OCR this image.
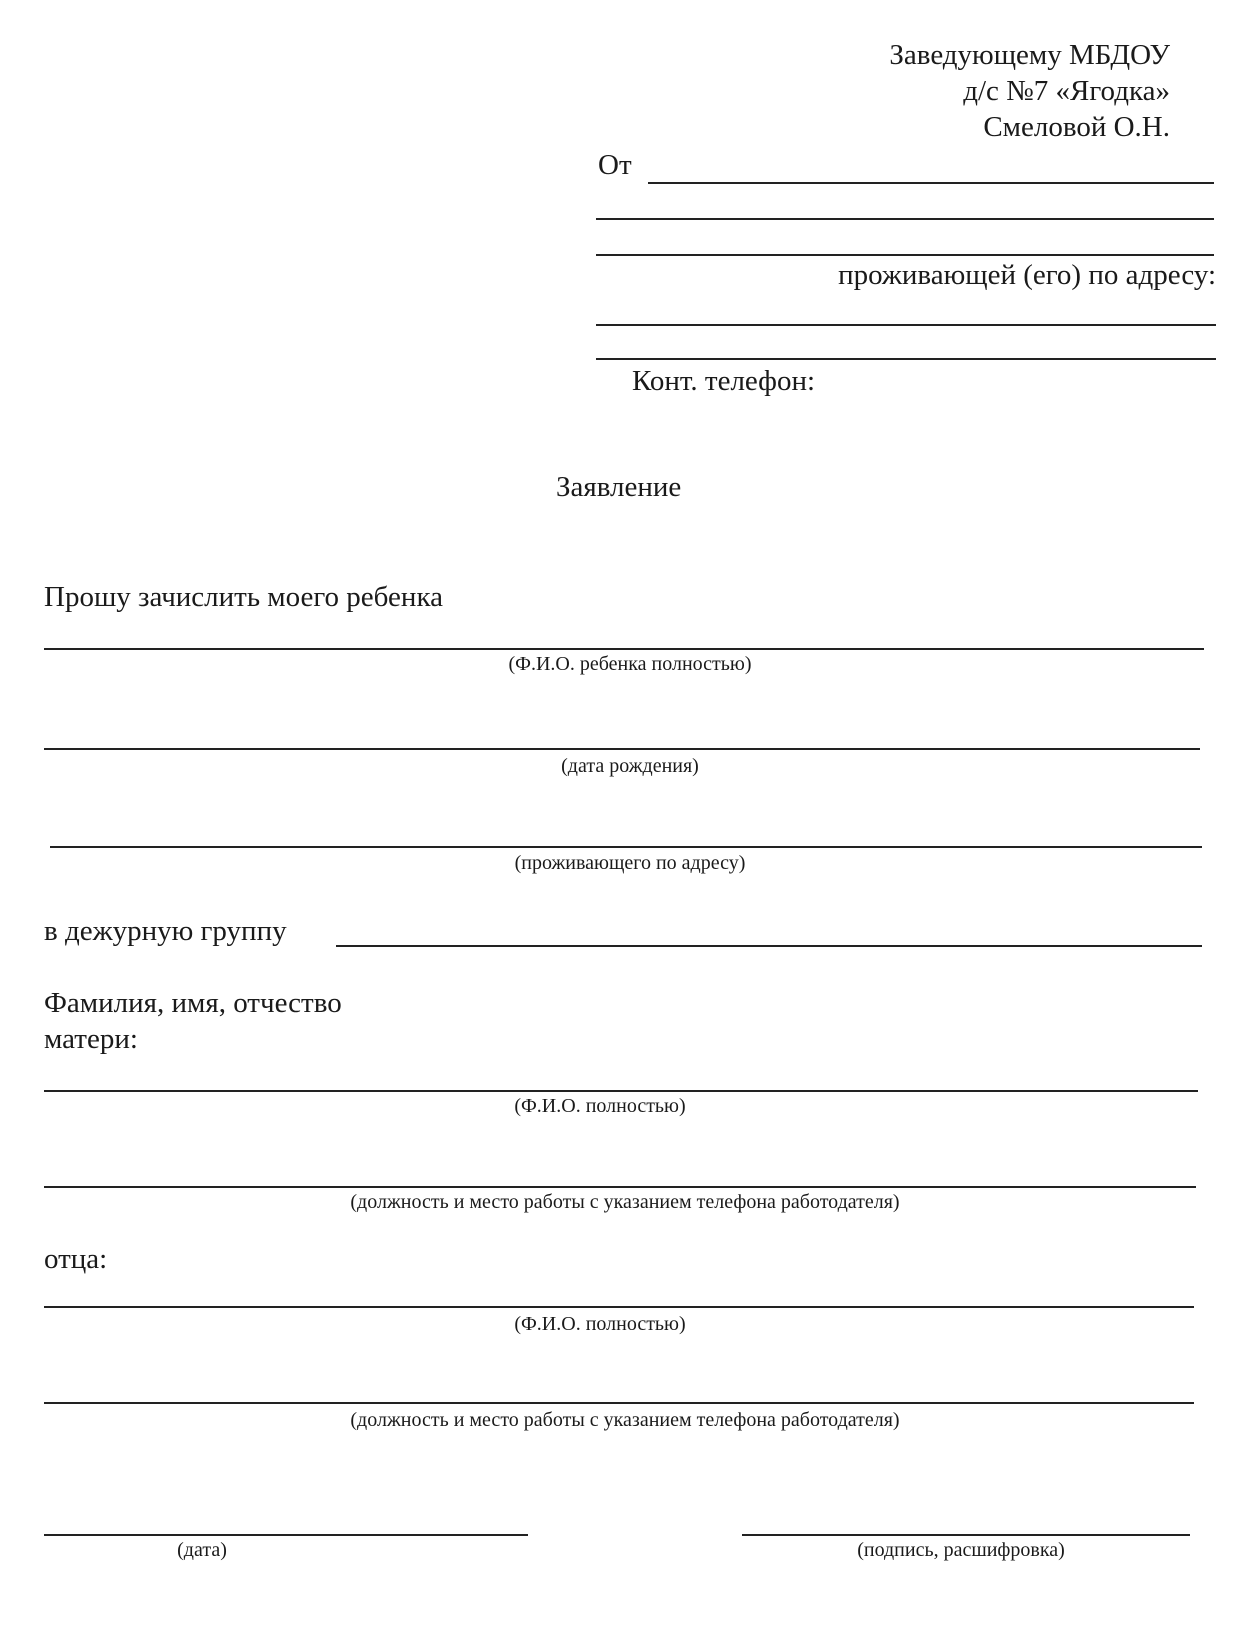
Заведующему МБДОУ
д/с №7 «Ягодка»
Смеловой О.Н.
От
проживающей (его) по адресу:
Конт. телефон:
Заявление
Прошу зачислить моего ребенка
(Ф.И.О. ребенка полностью)
(дата рождения)
(проживающего по адресу)
в дежурную группу
Фамилия, имя, отчество
матери:
(Ф.И.О. полностью)
(должность и место работы с указанием телефона работодателя)
отца:
(Ф.И.О. полностью)
(должность и место работы с указанием телефона работодателя)
(дата)	(подпись, расшифровка)
